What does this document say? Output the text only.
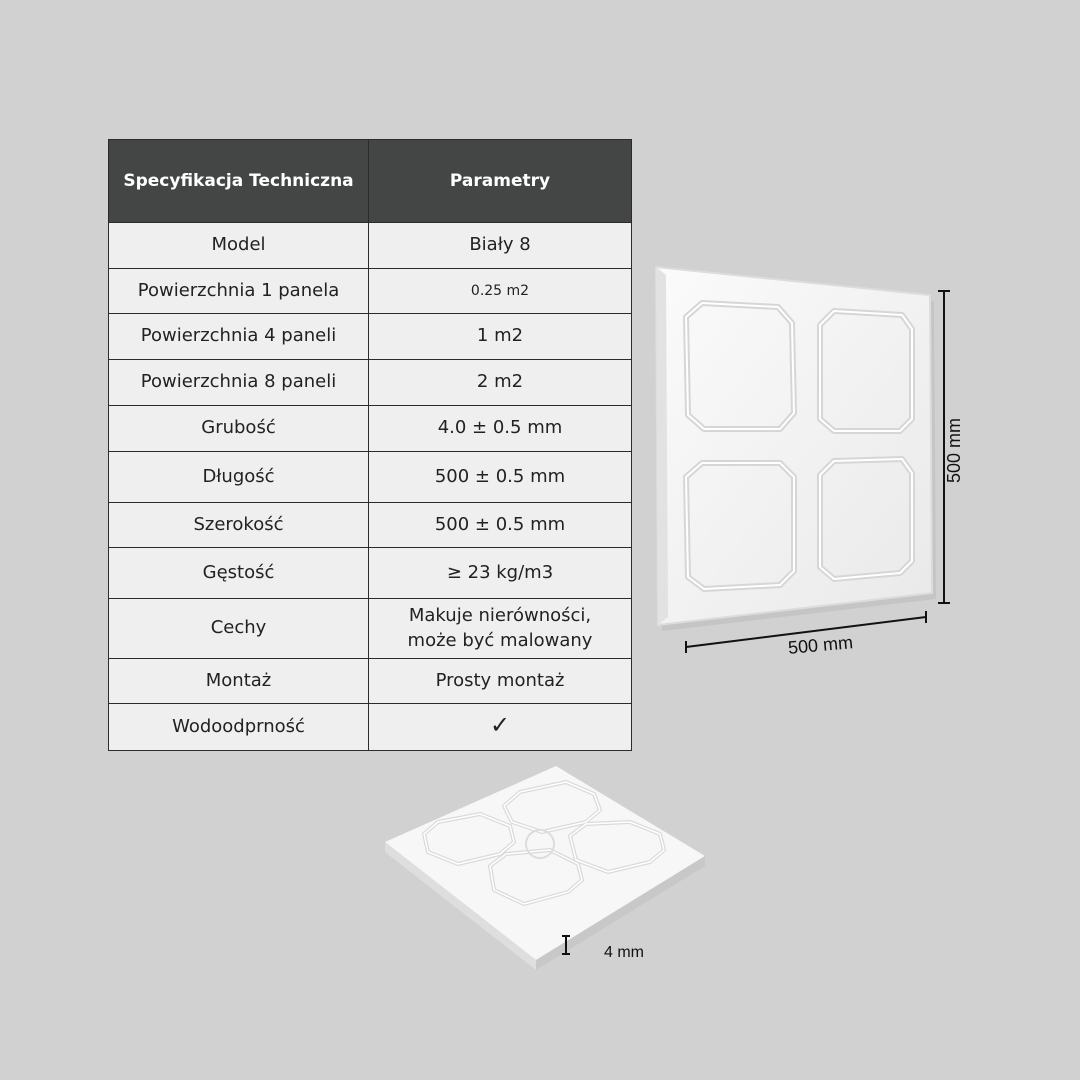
Specyfikacja Techniczna	Parametry
Model	Biały 8
Powierzchnia 1 panela	0.25 m2
Powierzchnia 4 paneli	1 m2
Powierzchnia 8 paneli	2 m2
Grubość	4.0 ± 0.5 mm
Długość	500 ± 0.5 mm
Szerokość	500 ± 0.5 mm
Gęstość	≥ 23 kg/m3
Cechy	Makuje nierówności,
może być malowany
Montaż	Prosty montaż
Wodoodprność	✓
500 mm
500 mm
4 mm
